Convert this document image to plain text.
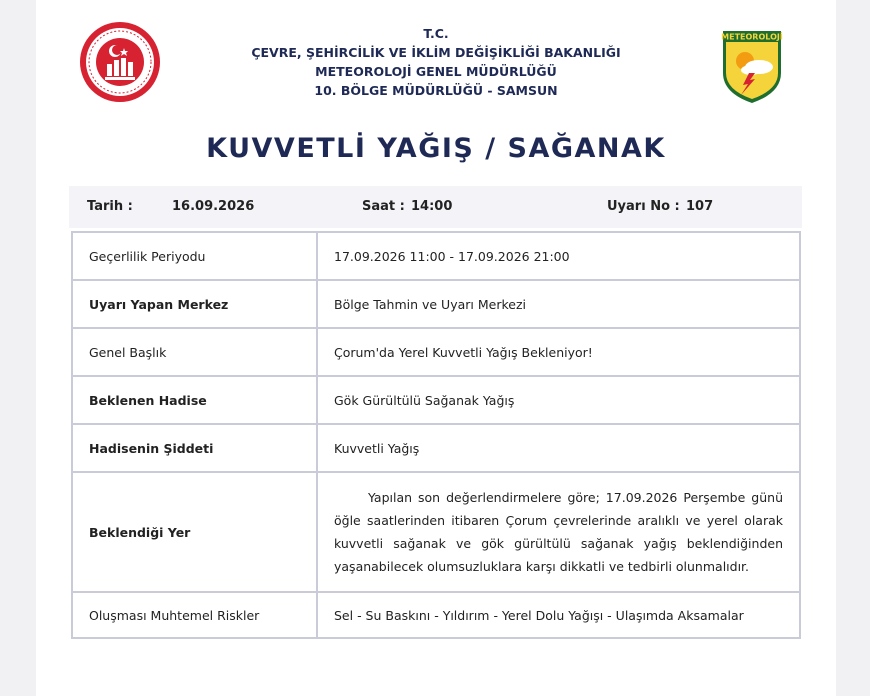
T.C.
ÇEVRE, ŞEHİRCİLİK VE İKLİM DEĞİŞİKLİĞİ BAKANLIĞI
METEOROLOJİ GENEL MÜDÜRLÜĞÜ
10. BÖLGE MÜDÜRLÜĞÜ - SAMSUN
METEOROLOJİ
KUVVETLİ YAĞIŞ / SAĞANAK
Tarih :	16.09.2026	Saat : 14:00	Uyarı No : 107
Geçerlilik Periyodu	17.09.2026 11:00 - 17.09.2026 21:00
Uyarı Yapan Merkez	Bölge Tahmin ve Uyarı Merkezi
Genel Başlık	Çorum'da Yerel Kuvvetli Yağış Bekleniyor!
Beklenen Hadise	Gök Gürültülü Sağanak Yağış
Hadisenin Şiddeti	Kuvvetli Yağış
Beklendiği Yer	Yapılan son değerlendirmelere göre; 17.09.2026 Perşembe günü öğle saatlerinden itibaren Çorum çevrelerinde aralıklı ve yerel olarak kuvvetli sağanak ve gök gürültülü sağanak yağış beklendiğinden yaşanabilecek olumsuzluklara karşı dikkatli ve tedbirli olunmalıdır.

Oluşması Muhtemel Riskler	Sel - Su Baskını - Yıldırım - Yerel Dolu Yağışı - Ulaşımda Aksamalar
